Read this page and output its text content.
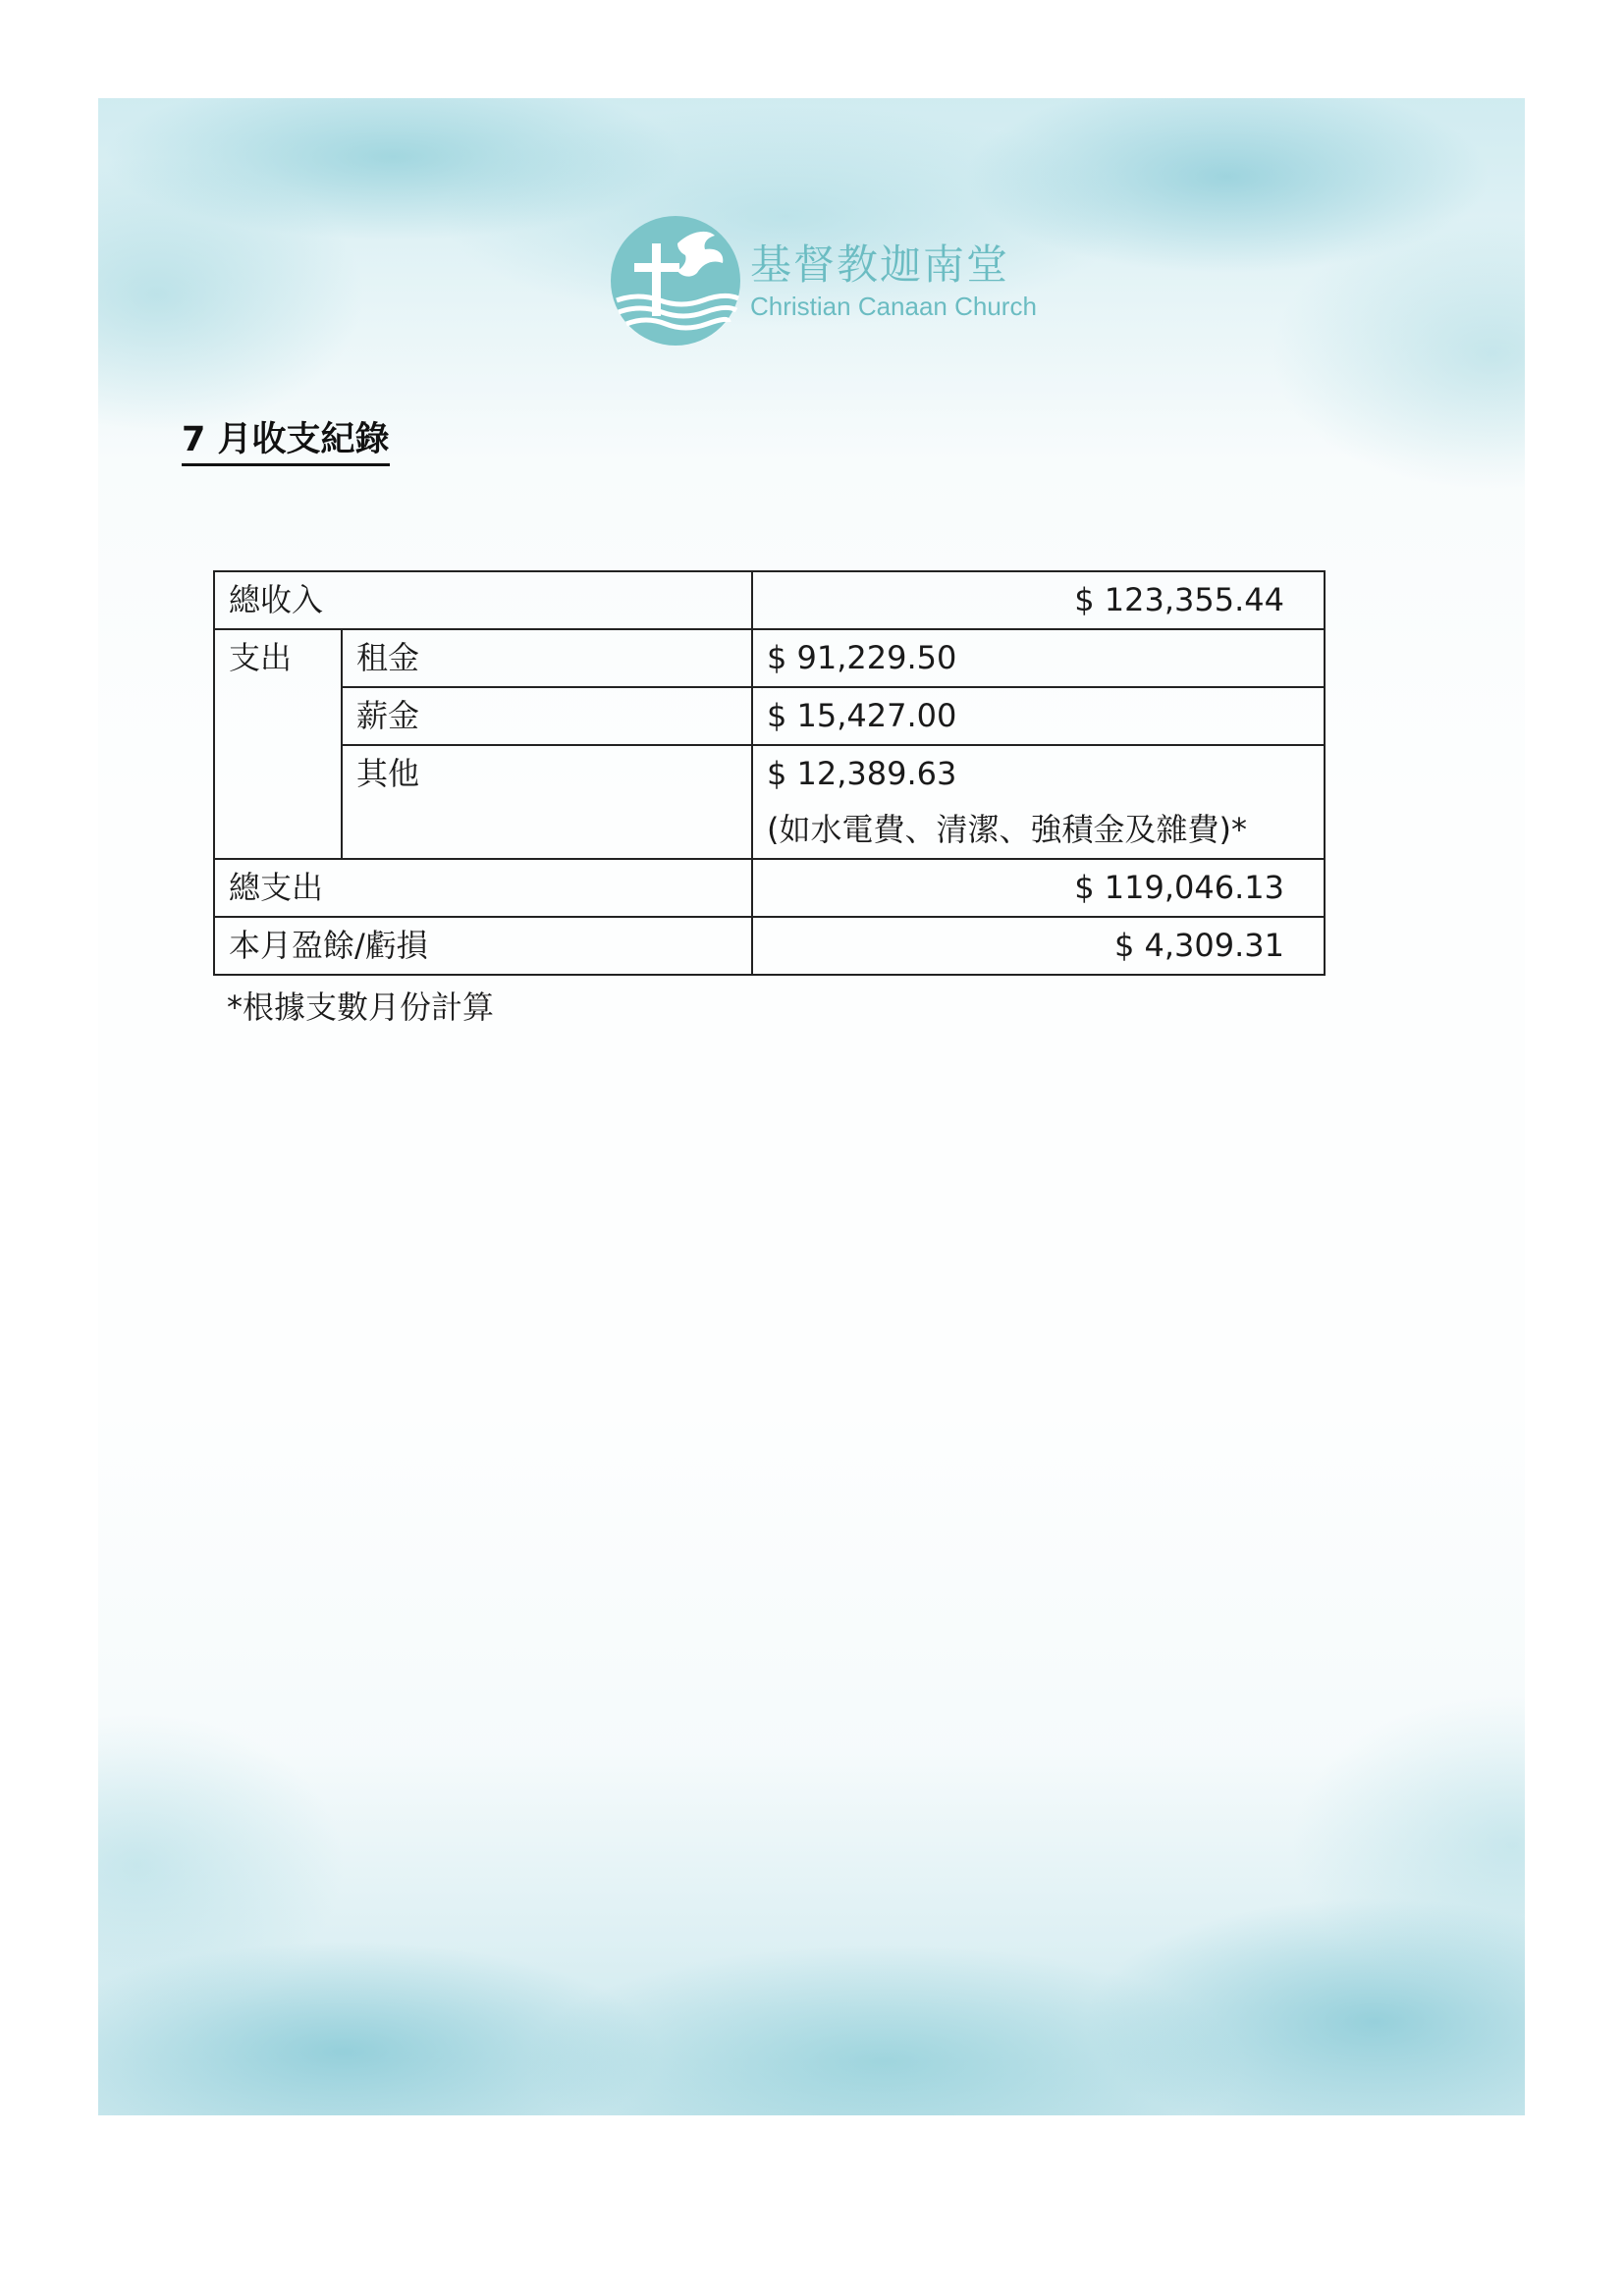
基督教迦南堂
Christian Canaan Church
7 月收支紀錄
總收入		$ 123,355.44
支出	租金	$ 91,229.50
	薪金	$ 15,427.00
	其他	$ 12,389.63
(如水電費、清潔、強積金及雜費)*

總支出		$ 119,046.13
本月盈餘/虧損		$ 4,309.31
*根據支數月份計算
